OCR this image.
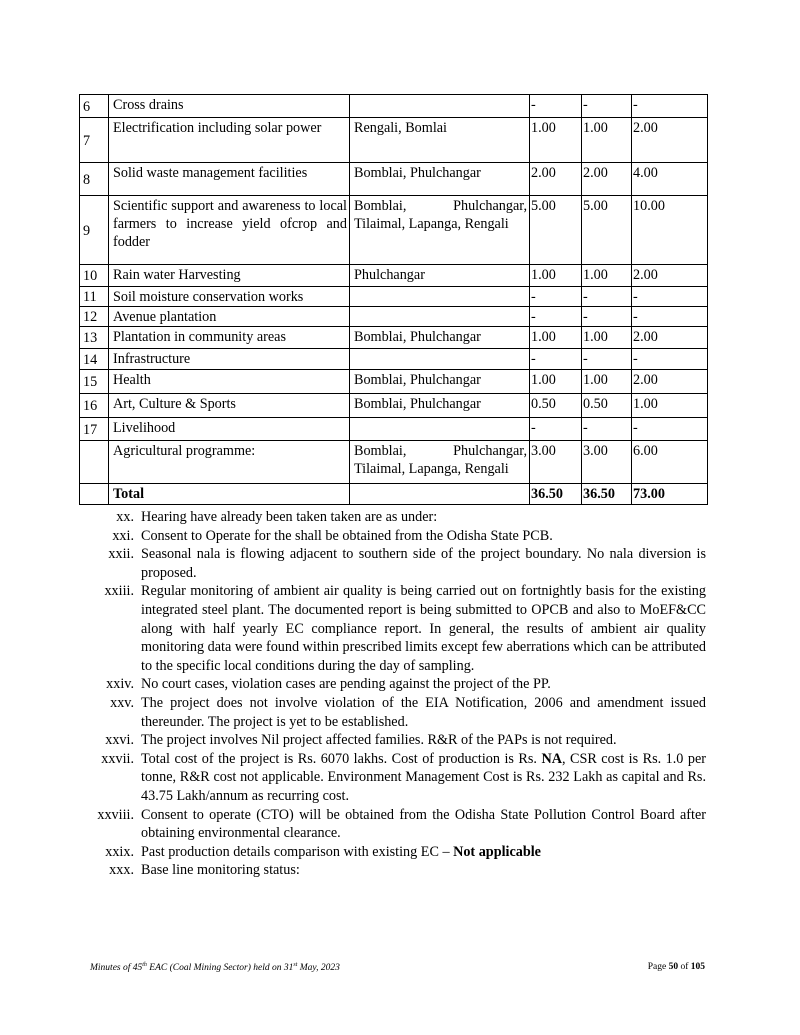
6	Cross drains		-	-	-
7	Electrification including solar power	Rengali, Bomlai	1.00	1.00	2.00
8	Solid waste management facilities	Bomblai, Phulchangar	2.00	2.00	4.00
9	Scientific support and awareness to local farmers to increase yield ofcrop and fodder	Bomblai, Phulchangar, Tilaimal, Lapanga, Rengali	5.00	5.00	10.00
10	Rain water Harvesting	Phulchangar	1.00	1.00	2.00
11	Soil moisture conservation works		-	-	-
12	Avenue plantation		-	-	-
13	Plantation in community areas	Bomblai, Phulchangar	1.00	1.00	2.00
14	Infrastructure		-	-	-
15	Health	Bomblai, Phulchangar	1.00	1.00	2.00
16	Art, Culture & Sports	Bomblai, Phulchangar	0.50	0.50	1.00
17	Livelihood		-	-	-
	Agricultural programme:	Bomblai, Phulchangar, Tilaimal, Lapanga, Rengali	3.00	3.00	6.00
	Total		36.50	36.50	73.00
xx. Hearing have already been taken taken are as under:
xxi. Consent to Operate for the shall be obtained from the Odisha State PCB.
xxii. Seasonal nala is flowing adjacent to southern side of the project boundary. No nala diversion is proposed.
xxiii. Regular monitoring of ambient air quality is being carried out on fortnightly basis for the existing integrated steel plant. The documented report is being submitted to OPCB and also to MoEF&CC along with half yearly EC compliance report. In general, the results of ambient air quality monitoring data were found within prescribed limits except few aberrations which can be attributed to the specific local conditions during the day of sampling.
xxiv. No court cases, violation cases are pending against the project of the PP.
xxv. The project does not involve violation of the EIA Notification, 2006 and amendment issued thereunder. The project is yet to be established.
xxvi. The project involves Nil project affected families. R&R of the PAPs is not required.
xxvii. Total cost of the project is Rs. 6070 lakhs. Cost of production is Rs. NA, CSR cost is Rs. 1.0 per tonne, R&R cost not applicable. Environment Management Cost is Rs. 232 Lakh as capital and Rs. 43.75 Lakh/annum as recurring cost.
xxviii. Consent to operate (CTO) will be obtained from the Odisha State Pollution Control Board after obtaining environmental clearance.
xxix. Past production details comparison with existing EC – Not applicable
xxx. Base line monitoring status:
Minutes of 45th EAC (Coal Mining Sector) held on 31st May, 2023	Page 50 of 105
